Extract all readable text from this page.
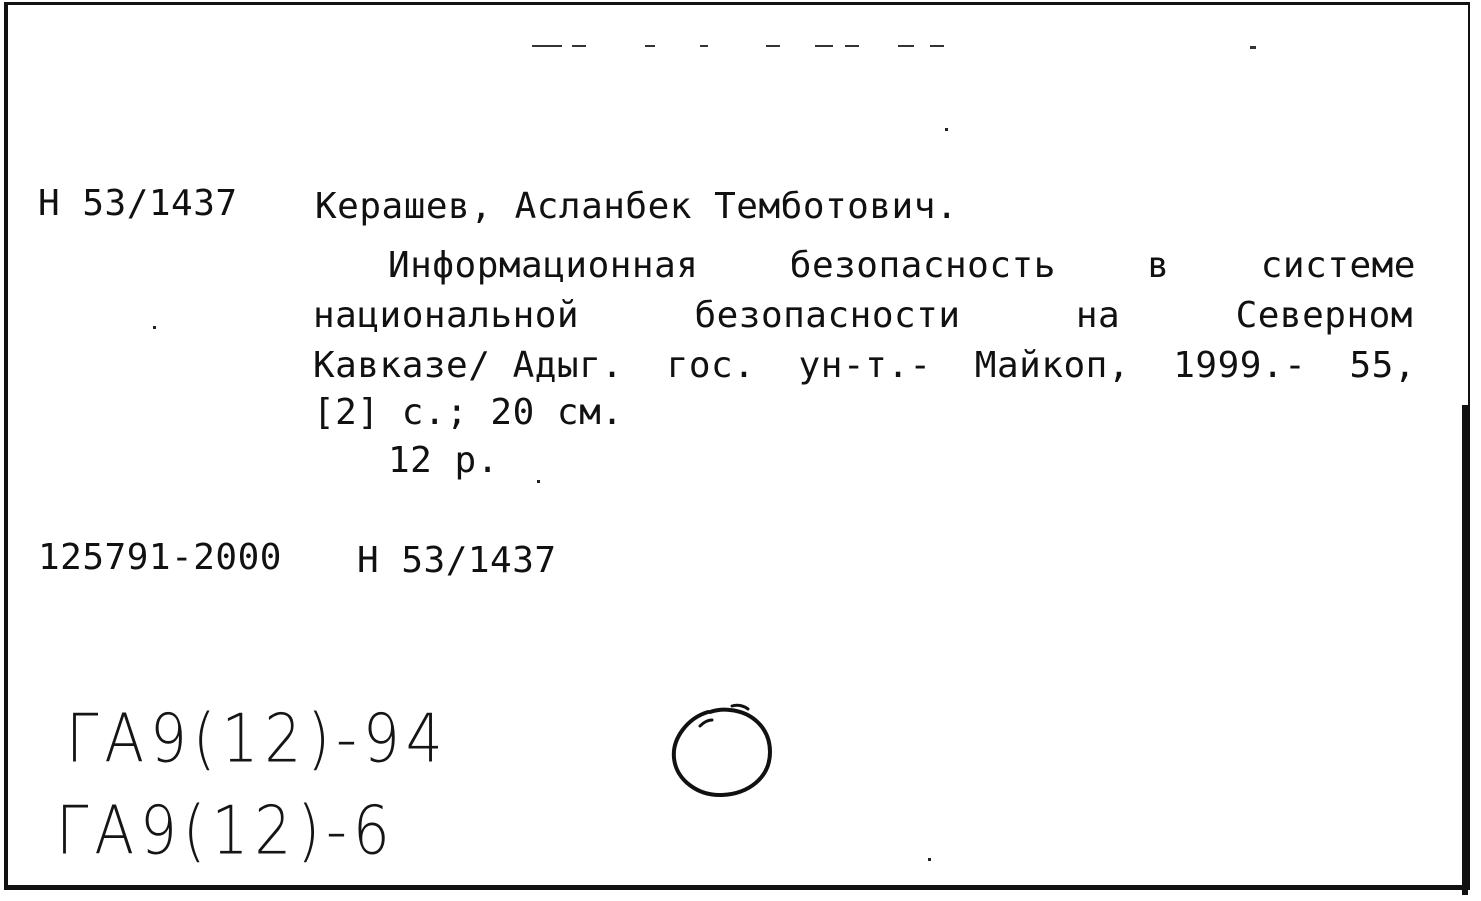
Н 53/1437 Керашев, Асланбек Темботович.
Информационная	безопасность	в	системе
национальной	безопасности	на	Северном
Кавказе/ Адыг. гос. ун-т.- Майкоп, 1999.- 55,
[2] с.; 20 см.
12 р.
125791-2000 Н 53/1437
ГА9(12)-94
ГА9(12)-6
